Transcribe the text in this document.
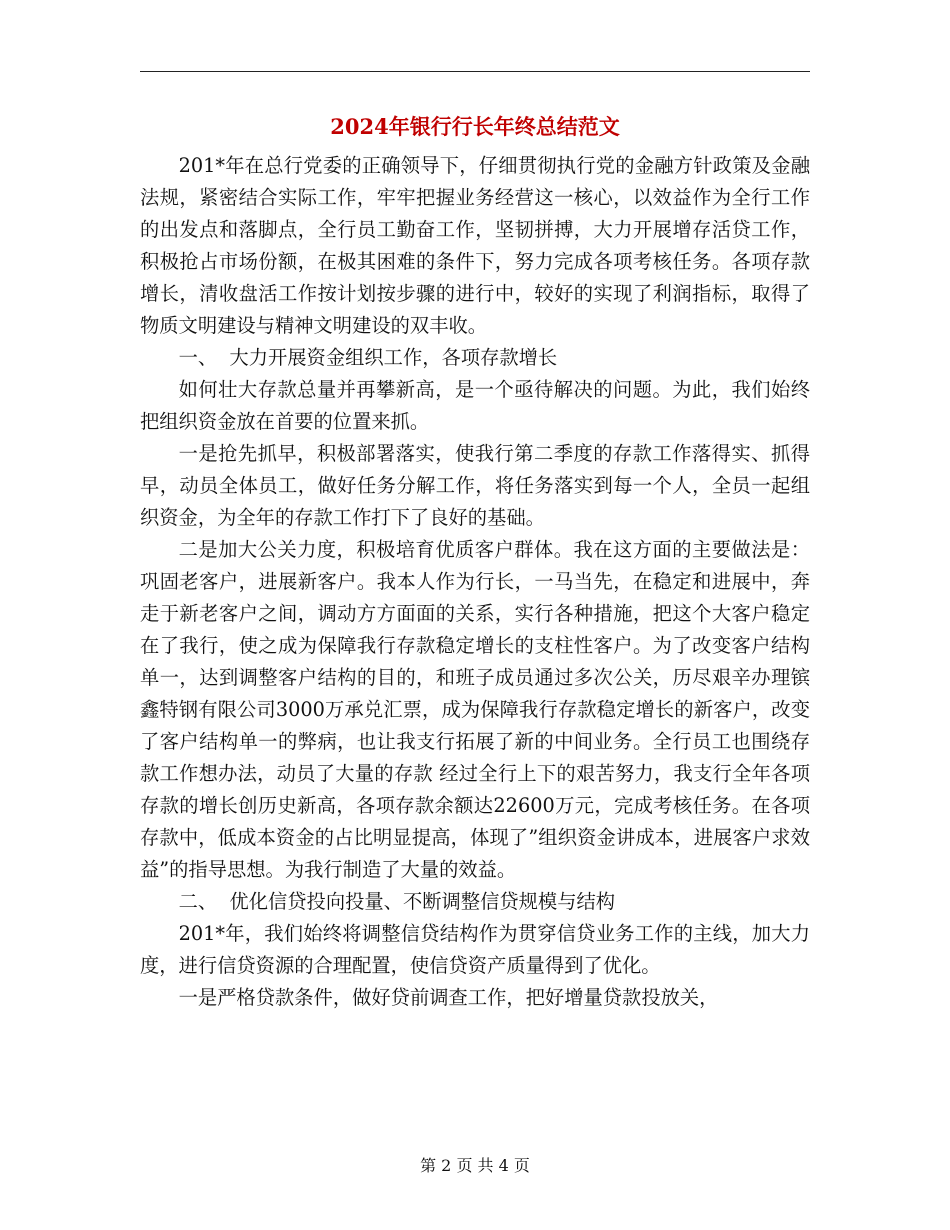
2024年银行行长年终总结范文

201*年在总行党委的正确领导下，仔细贯彻执行党的金融方针政策及金融法规，紧密结合实际工作，牢牢把握业务经营这一核心，以效益作为全行工作的出发点和落脚点，全行员工勤奋工作，坚韧拼搏，大力开展增存活贷工作，积极抢占市场份额，在极其困难的条件下，努力完成各项考核任务。各项存款增长，清收盘活工作按计划按步骤的进行中，较好的实现了利润指标，取得了物质文明建设与精神文明建设的双丰收。

一、  大力开展资金组织工作，各项存款增长

如何壮大存款总量并再攀新高，是一个亟待解决的问题。为此，我们始终把组织资金放在首要的位置来抓。

一是抢先抓早，积极部署落实，使我行第二季度的存款工作落得实、抓得早，动员全体员工，做好任务分解工作，将任务落实到每一个人，全员一起组织资金，为全年的存款工作打下了良好的基础。

二是加大公关力度，积极培育优质客户群体。我在这方面的主要做法是：巩固老客户，进展新客户。我本人作为行长，一马当先，在稳定和进展中，奔走于新老客户之间，调动方方面面的关系，实行各种措施，把这个大客户稳定在了我行，使之成为保障我行存款稳定增长的支柱性客户。为了改变客户结构单一，达到调整客户结构的目的，和班子成员通过多次公关，历尽艰辛办理镔鑫特钢有限公司3000万承兑汇票，成为保障我行存款稳定增长的新客户，改变了客户结构单一的弊病，也让我支行拓展了新的中间业务。全行员工也围绕存款工作想办法，动员了大量的存款 经过全行上下的艰苦努力，我支行全年各项存款的增长创历史新高，各项存款余额达22600万元，完成考核任务。在各项存款中，低成本资金的占比明显提高，体现了”组织资金讲成本，进展客户求效益”的指导思想。为我行制造了大量的效益。

二、  优化信贷投向投量、不断调整信贷规模与结构

201*年，我们始终将调整信贷结构作为贯穿信贷业务工作的主线，加大力度，进行信贷资源的合理配置，使信贷资产质量得到了优化。

一是严格贷款条件，做好贷前调查工作，把好增量贷款投放关，

第 2 页 共 4 页
